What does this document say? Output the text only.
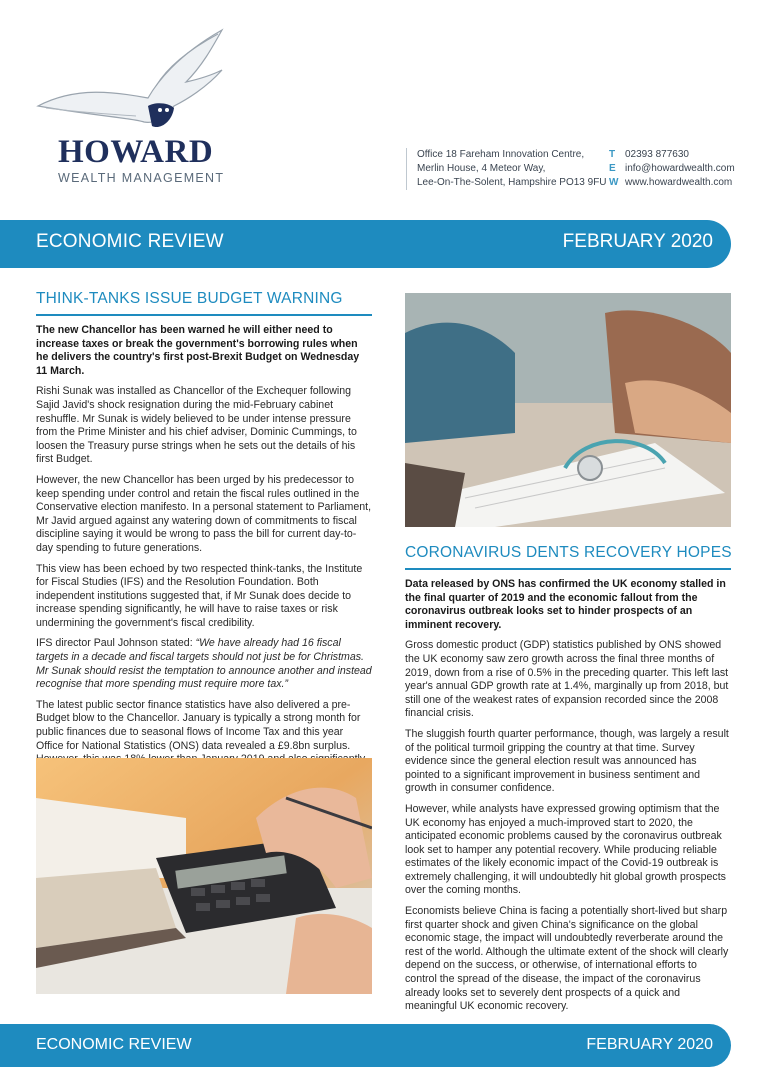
HOWARD
WEALTH MANAGEMENT
Office 18 Fareham Innovation Centre,
Merlin House, 4 Meteor Way,
Lee-On-The-Solent, Hampshire PO13 9FU
T 02393 877630
E info@howardwealth.com
W www.howardwealth.com
ECONOMIC REVIEW	FEBRUARY 2020
THINK-TANKS ISSUE BUDGET WARNING

The new Chancellor has been warned he will either need to increase taxes or break the government's borrowing rules when he delivers the country's first post-Brexit Budget on Wednesday 11 March.

Rishi Sunak was installed as Chancellor of the Exchequer following Sajid Javid's shock resignation during the mid-February cabinet reshuffle. Mr Sunak is widely believed to be under intense pressure from the Prime Minister and his chief adviser, Dominic Cummings, to loosen the Treasury purse strings when he sets out the details of his first Budget.

However, the new Chancellor has been urged by his predecessor to keep spending under control and retain the fiscal rules outlined in the Conservative election manifesto. In a personal statement to Parliament, Mr Javid argued against any watering down of commitments to fiscal discipline saying it would be wrong to pass the bill for current day-to-day spending to future generations.

This view has been echoed by two respected think-tanks, the Institute for Fiscal Studies (IFS) and the Resolution Foundation. Both independent institutions suggested that, if Mr Sunak does decide to increase spending significantly, he will have to raise taxes or risk undermining the government's fiscal credibility.

IFS director Paul Johnson stated: “We have already had 16 fiscal targets in a decade and fiscal targets should not just be for Christmas. Mr Sunak should resist the temptation to announce another and instead recognise that more spending must require more tax.”

The latest public sector finance statistics have also delivered a pre-Budget blow to the Chancellor. January is typically a strong month for public finances due to seasonal flows of Income Tax and this year Office for National Statistics (ONS) data revealed a £9.8bn surplus.

CORONAVIRUS DENTS RECOVERY HOPES

Data released by ONS has confirmed the UK economy stalled in the final quarter of 2019 and the economic fallout from the coronavirus outbreak looks set to hinder prospects of an imminent recovery.

Gross domestic product (GDP) statistics published by ONS showed the UK economy saw zero growth across the final three months of 2019, down from a rise of 0.5% in the preceding quarter. This left last year's annual GDP growth rate at 1.4%, marginally up from 2018, but still one of the weakest rates of expansion recorded since the 2008 financial crisis.

The sluggish fourth quarter performance, though, was largely a result of the political turmoil gripping the country at that time. Survey evidence since the general election result was announced has pointed to a significant improvement in business sentiment and growth in consumer confidence.

However, while analysts have expressed growing optimism that the UK economy has enjoyed a much-improved start to 2020, the anticipated economic problems caused by the coronavirus outbreak look set to hamper any potential recovery. While producing reliable estimates of the likely economic impact of the Covid-19 outbreak is extremely challenging, it will undoubtedly hit global growth prospects over the coming months.

Economists believe China is facing a potentially short-lived but sharp first quarter shock and given China's significance on the global economic stage, the impact will undoubtedly reverberate around the rest of the world. Although the ultimate extent of the shock will clearly depend on the success, or otherwise, of international efforts to control the spread of the disease, the impact of the coronavirus already looks set to severely dent prospects of a quick and meaningful UK economic recovery.

ECONOMIC REVIEW	FEBRUARY 2020
